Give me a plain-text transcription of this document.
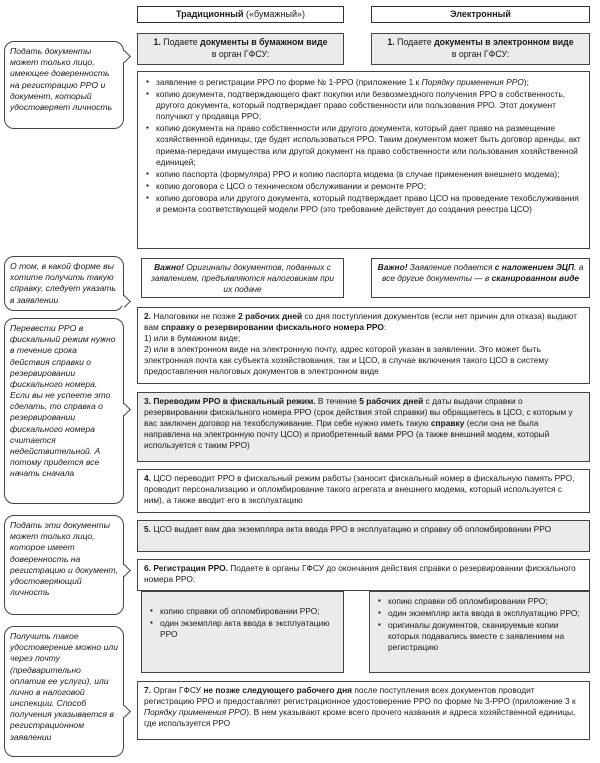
Традиционный («бумажный»)	Электронный
1. Подаете документы в бумажном виде
в орган ГФСУ:
1. Подаете документы в электронном виде
в орган ГФСУ:
▪ заявление о регистрации РРО по форме № 1-РРО (приложение 1 к Порядку применения РРО);
▪ копию документа, подтверждающего факт покупки или безвозмездного получения РРО в собственность, другого документа, который подтверждает право собственности или пользования РРО. Этот документ получают у продавца РРО;
▪ копию документа на право собственности или другого документа, который дает право на размещение хозяйственной единицы, где будет использоваться РРО. Таким документом может быть договор аренды, акт приема-передачи имущества или другой документ на право собственности или пользования хозяйственной единицей;
▪ копию паспорта (формуляра) РРО и копию паспорта модема (в случае применения внешнего модема);
▪ копию договора с ЦСО о техническом обслуживании и ремонте РРО;
▪ копию договора или другого документа, который подтверждает право ЦСО на проведение техобслуживания и ремонта соответствующей модели РРО (это требование действует до создания реестра ЦСО)
Важно! Оригиналы документов, поданных с заявлением, предъявляются налоговикам при их подаче
Важно! Заявление подается с наложением ЭЦП, а все другие документы — в сканированном виде
2. Налоговики не позже 2 рабочих дней со дня поступления документов (если нет причин для отказа) выдают вам справку о резервировании фискального номера РРО:
1) или в бумажном виде;
2) или в электронном виде на электронную почту, адрес которой указан в заявлении. Это может быть электронная почта как субъекта хозяйствования, так и ЦСО, в случае включения такого ЦСО в систему предоставления налоговых документов в электронном виде
3. Переводим РРО в фискальный режим. В течение 5 рабочих дней с даты выдачи справки о резервировании фискального номера РРО (срок действия этой справки) вы обращаетесь в ЦСО, с которым у вас заключен договор на техобслуживание. При себе нужно иметь такую справку (если она не была направлена на электронную почту ЦСО) и приобретенный вами РРО (а также внешний модем, который используется с таким РРО)
4. ЦСО переводит РРО в фискальный режим работы (заносит фискальный номер в фискальную память РРО, проводит персонализацию и опломбирование такого агрегата и внешнего модема, который используется с ним), а также вводит его в эксплуатацию
5. ЦСО выдает вам два экземпляра акта ввода РРО в эксплуатацию и справку об опломбировании РРО
6. Регистрация РРО. Подаете в органы ГФСУ до окончания действия справки о резервировании фискального номера РРО:
▪ копию справки об опломбировании РРО;
▪ один экземпляр акта ввода в эксплуатацию РРО
▪ копию справки об опломбировании РРО;
▪ один экземпляр акта ввода в эксплуатацию РРО;
▪ оригиналы документов, сканируемые копии которых подавались вместе с заявлением на регистрацию
7. Орган ГФСУ не позже следующего рабочего дня после поступления всех документов проводит регистрацию РРО и предоставляет регистрационное удостоверение РРО по форме № 3-РРО (приложение 3 к Порядку применения РРО). В нем указывают кроме всего прочего названия и адреса хозяйственной единицы, где используется РРО
Подать документы может только лицо, имеющее доверенность на регистрацию РРО и документ, который удостоверяет личность
О том, в какой форме вы хотите получить такую справку, следует указать в заявлении
Перевести РРО в фискальный режим нужно в течение срока действия справки о резервировании фискального номера. Если вы не успеете это сделать, то справка о резервировании фискального номера считается недействительной. А потому придется все начать сначала
Подать эти документы может только лицо, которое имеет доверенность на регистрацию и документ, удостоверяющий личность
Получить такое удостоверение можно или через почту (предварительно оплатив ее услуги), или лично в налоговой инспекции. Способ получения указывается в регистрационном заявлении
